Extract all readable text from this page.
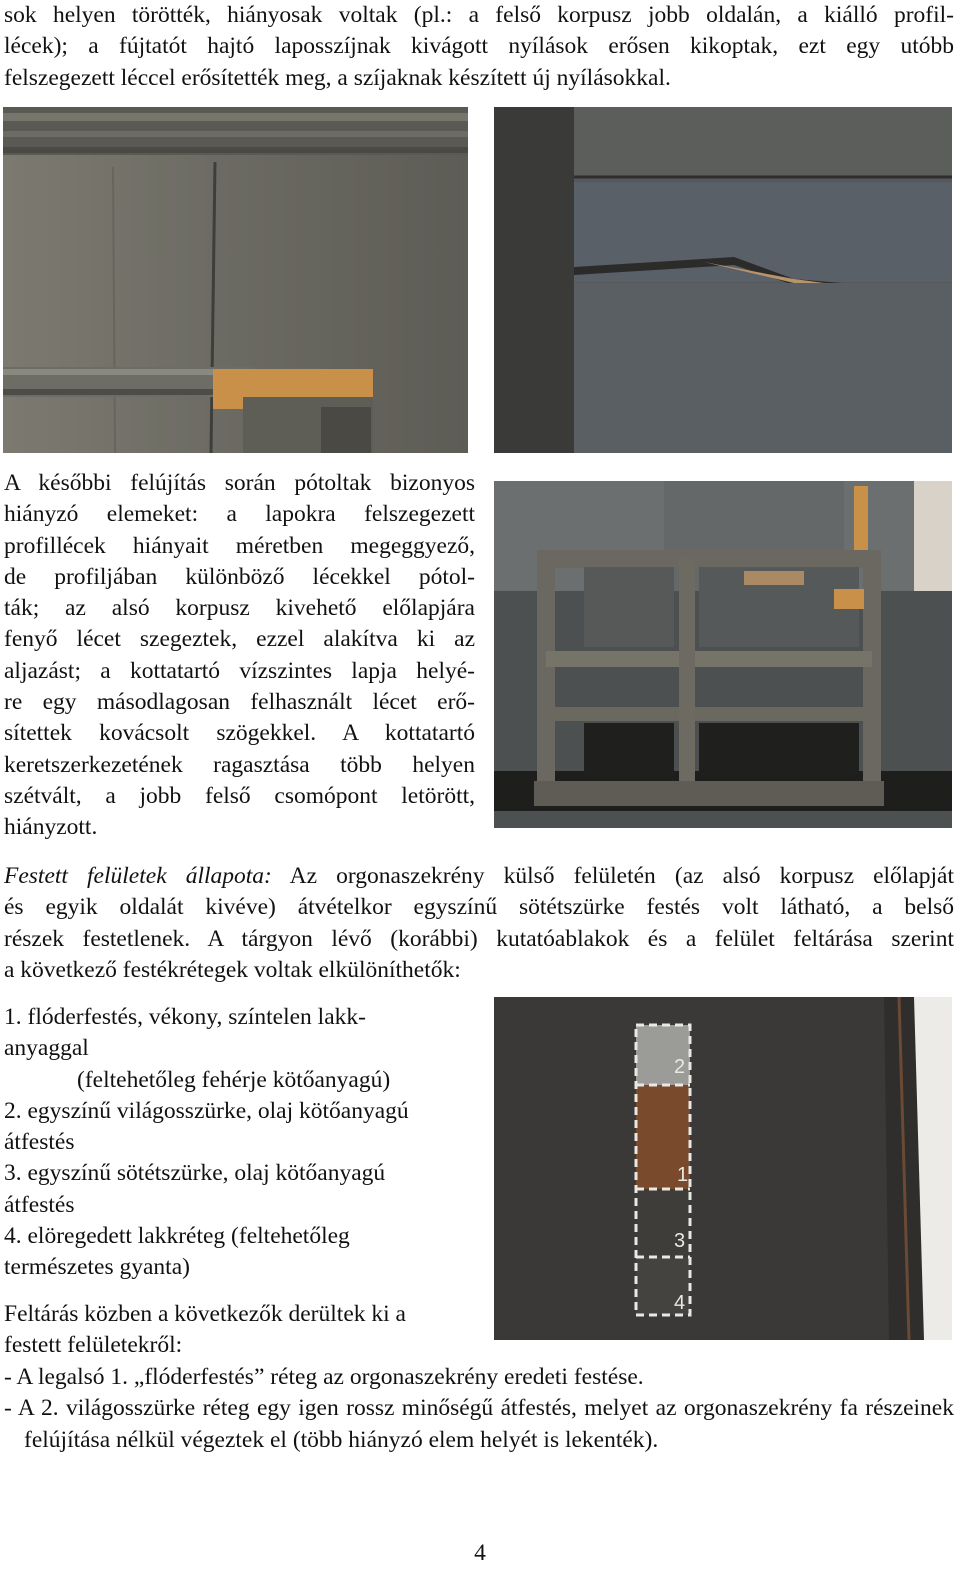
sok helyen törötték, hiányosak voltak (pl.: a felső korpusz jobb oldalán, a kiálló profil-

lécek); a fújtatót hajtó laposszíjnak kivágott nyílások erősen kikoptak, ezt egy utóbb

felszegezett léccel erősítették meg, a szíjaknak készített új nyílásokkal.

A későbbi felújítás során pótoltak bizonyos

hiányzó elemeket: a lapokra felszegezett

profillécek hiányait méretben megeggyező,

de profiljában különböző lécekkel pótol-

ták; az alsó korpusz kivehető előlapjára

fenyő lécet szegeztek, ezzel alakítva ki az

aljazást; a kottatartó vízszintes lapja helyé-

re egy másodlagosan felhasznált lécet erő-

sítettek kovácsolt szögekkel. A kottatartó

keretszerkezetének ragasztása több helyen

szétvált, a jobb felső csomópont letörött,

hiányzott.

Festett felületek állapota: Az orgonaszekrény külső felületén (az alsó korpusz előlapját

és egyik oldalát kivéve) átvételkor egyszínű sötétszürke festés volt látható, a belső

részek festetlenek. A tárgyon lévő (korábbi) kutatóablakok és a felület feltárása szerint

a következő festékrétegek voltak elkülöníthetők:

1. flóderfestés, vékony, színtelen lakk-

anyaggal

(feltehetőleg fehérje kötőanyagú)

2. egyszínű világosszürke, olaj kötőanyagú

átfestés

3. egyszínű sötétszürke, olaj kötőanyagú

átfestés

4. elöregedett lakkréteg (feltehetőleg

természetes gyanta)

2
1
3
4

Feltárás közben a következők derültek ki a

festett felületekről:

- A legalsó 1. „flóderfestés” réteg az orgonaszekrény eredeti festése.

- A 2. világosszürke réteg egy igen rossz minőségű átfestés, melyet az orgonaszekrény fa részeinek felújítása nélkül végeztek el (több hiányzó elem helyét is lekenték).

4
